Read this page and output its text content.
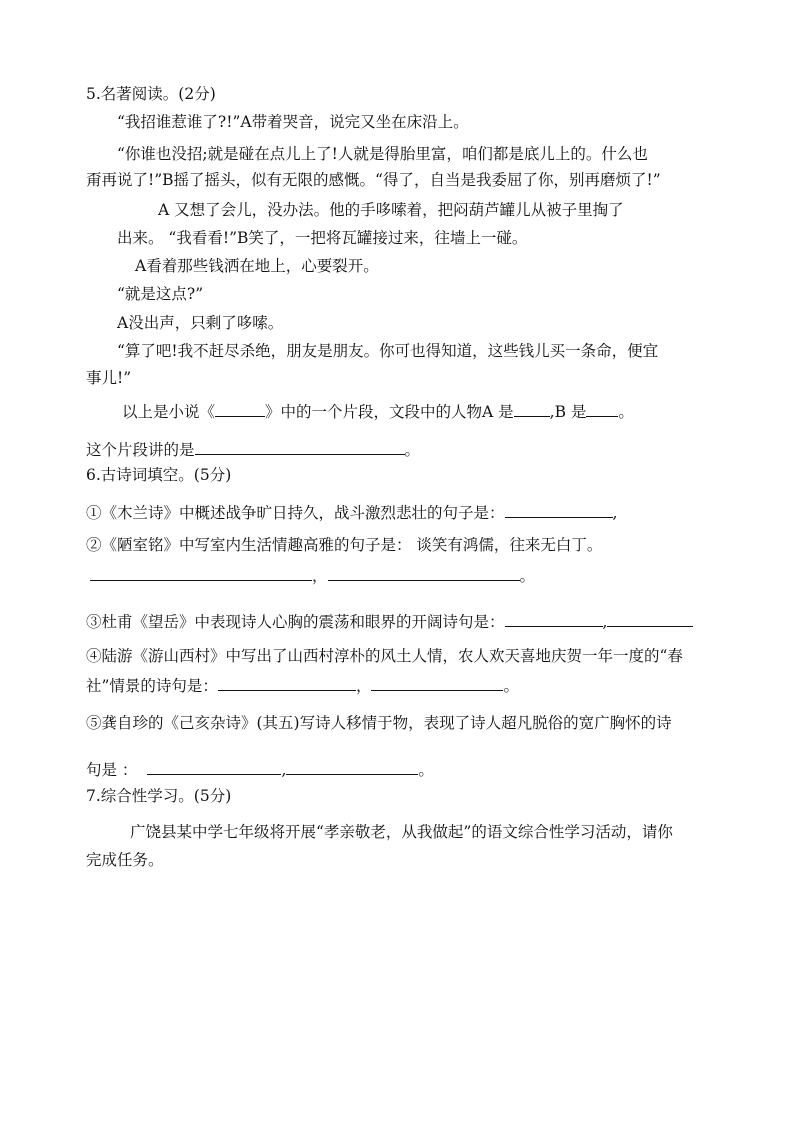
5.名著阅读。(2分)
“我招谁惹谁了?!”A带着哭音，说完又坐在床沿上。
“你谁也没招;就是碰在点儿上了!人就是得胎里富，咱们都是底儿上的。什么也
甭再说了!”B摇了摇头，似有无限的感慨。“得了，自当是我委屈了你，别再磨烦了!”
A 又想了会儿，没办法。他的手哆嗦着，把闷葫芦罐儿从被子里掏了
出来。 “我看看!”B笑了，一把将瓦罐接过来，往墙上一碰。
A看着那些钱洒在地上，心要裂开。
“就是这点?”
A没出声，只剩了哆嗦。
“算了吧!我不赶尽杀绝，朋友是朋友。你可也得知道，这些钱儿买一条命，便宜
事儿!”
以上是小说《	》中的一个片段，文段中的人物A 是 ,B 是 。
这个片段讲的是	。
6.古诗词填空。(5分)
①《木兰诗》中概述战争旷日持久，战斗激烈悲壮的句子是：	,
②《陋室铭》中写室内生活情趣高雅的句子是： 谈笑有鸿儒，往来无白丁。
，	。
③杜甫《望岳》中表现诗人心胸的震荡和眼界的开阔诗句是：	,
④陆游《游山西村》中写出了山西村淳朴的风土人情，农人欢天喜地庆贺一年一度的“春
社”情景的诗句是：	，	。
⑤龚自珍的《己亥杂诗》(其五)写诗人移情于物，表现了诗人超凡脱俗的宽广胸怀的诗
句是 ：	,	。
7.综合性学习。(5分)
广饶县某中学七年级将开展“孝亲敬老，从我做起”的语文综合性学习活动，请你
完成任务。
